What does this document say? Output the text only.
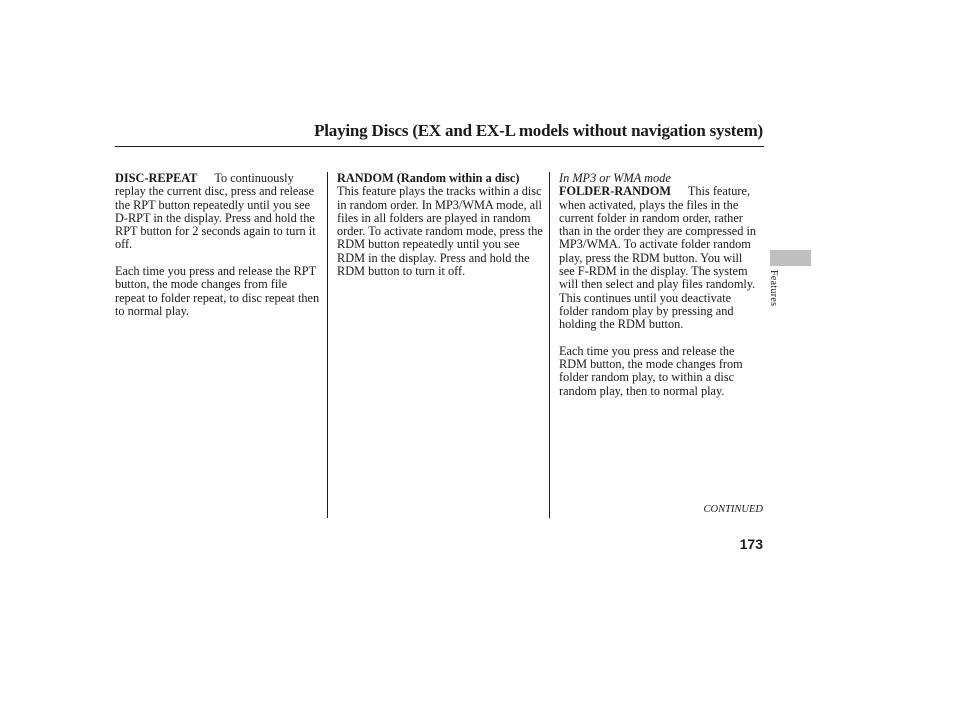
Playing Discs (EX and EX-L models without navigation system)

DISC-REPEAT To continuously replay the current disc, press and release the RPT button repeatedly until you see D-RPT in the display. Press and hold the RPT button for 2 seconds again to turn it off.

Each time you press and release the RPT button, the mode changes from file repeat to folder repeat, to disc repeat then to normal play.

RANDOM (Random within a disc) This feature plays the tracks within a disc in random order. In MP3/WMA mode, all files in all folders are played in random order. To activate random mode, press the RDM button repeatedly until you see RDM in the display. Press and hold the RDM button to turn it off.

In MP3 or WMA mode

FOLDER-RANDOM This feature, when activated, plays the files in the current folder in random order, rather than in the order they are compressed in MP3/WMA. To activate folder random play, press the RDM button. You will see F-RDM in the display. The system will then select and play files randomly. This continues until you deactivate folder random play by pressing and holding the RDM button.

Each time you press and release the RDM button, the mode changes from folder random play, to within a disc random play, then to normal play.

Features
CONTINUED
173
